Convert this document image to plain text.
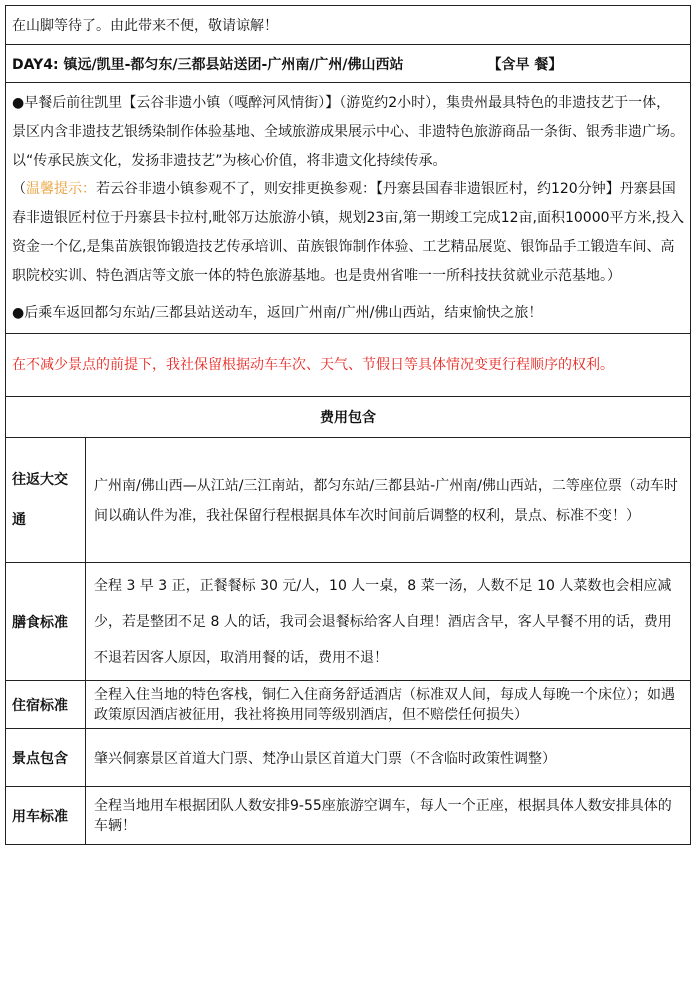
在山脚等待了。由此带来不便，敬请谅解！	
DAY4: 镇远/凯里-都匀东/三都县站送团-广州南/广州/佛山西站 【含早 餐】	

●早餐后前往凯里【云谷非遗小镇（嘎醉河风情街）】（游览约2小时），集贵州最具特色的非遗技艺于一体，景区内含非遗技艺银绣染制作体验基地、全域旅游成果展示中心、非遗特色旅游商品一条街、银秀非遗广场。以“传承民族文化，发扬非遗技艺”为核心价值，将非遗文化持续传承。

（温馨提示：若云谷非遗小镇参观不了，则安排更换参观：【丹寨县国春非遗银匠村，约120分钟】丹寨县国春非遗银匠村位于丹寨县卡拉村,毗邻万达旅游小镇，规划23亩,第一期竣工完成12亩,面积10000平方米,投入资金一个亿,是集苗族银饰锻造技艺传承培训、苗族银饰制作体验、工艺精品展览、银饰品手工锻造车间、高职院校实训、特色酒店等文旅一体的特色旅游基地。也是贵州省唯一一所科技扶贫就业示范基地。）

●后乘车返回都匀东站/三都县站送动车，返回广州南/广州/佛山西站，结束愉快之旅！	

在不减少景点的前提下，我社保留根据动车车次、天气、节假日等具体情况变更行程顺序的权利。	
费用包含	
往返大交通	广州南/佛山西—从江站/三江南站，都匀东站/三都县站-广州南/佛山西站，二等座位票（动车时间以确认件为准，我社保留行程根据具体车次时间前后调整的权利，景点、标准不变！）
膳食标准	全程 3 早 3 正，正餐餐标 30 元/人，10 人一桌，8 菜一汤，人数不足 10 人菜数也会相应减少，若是整团不足 8 人的话，我司会退餐标给客人自理！酒店含早，客人早餐不用的话，费用不退若因客人原因，取消用餐的话，费用不退！
住宿标准	全程入住当地的特色客栈，铜仁入住商务舒适酒店（标准双人间，每成人每晚一个床位）；如遇政策原因酒店被征用，我社将换用同等级别酒店，但不赔偿任何损失）
景点包含	肇兴侗寨景区首道大门票、梵净山景区首道大门票（不含临时政策性调整）
用车标准	全程当地用车根据团队人数安排9-55座旅游空调车，每人一个正座，根据具体人数安排具体的车辆！
